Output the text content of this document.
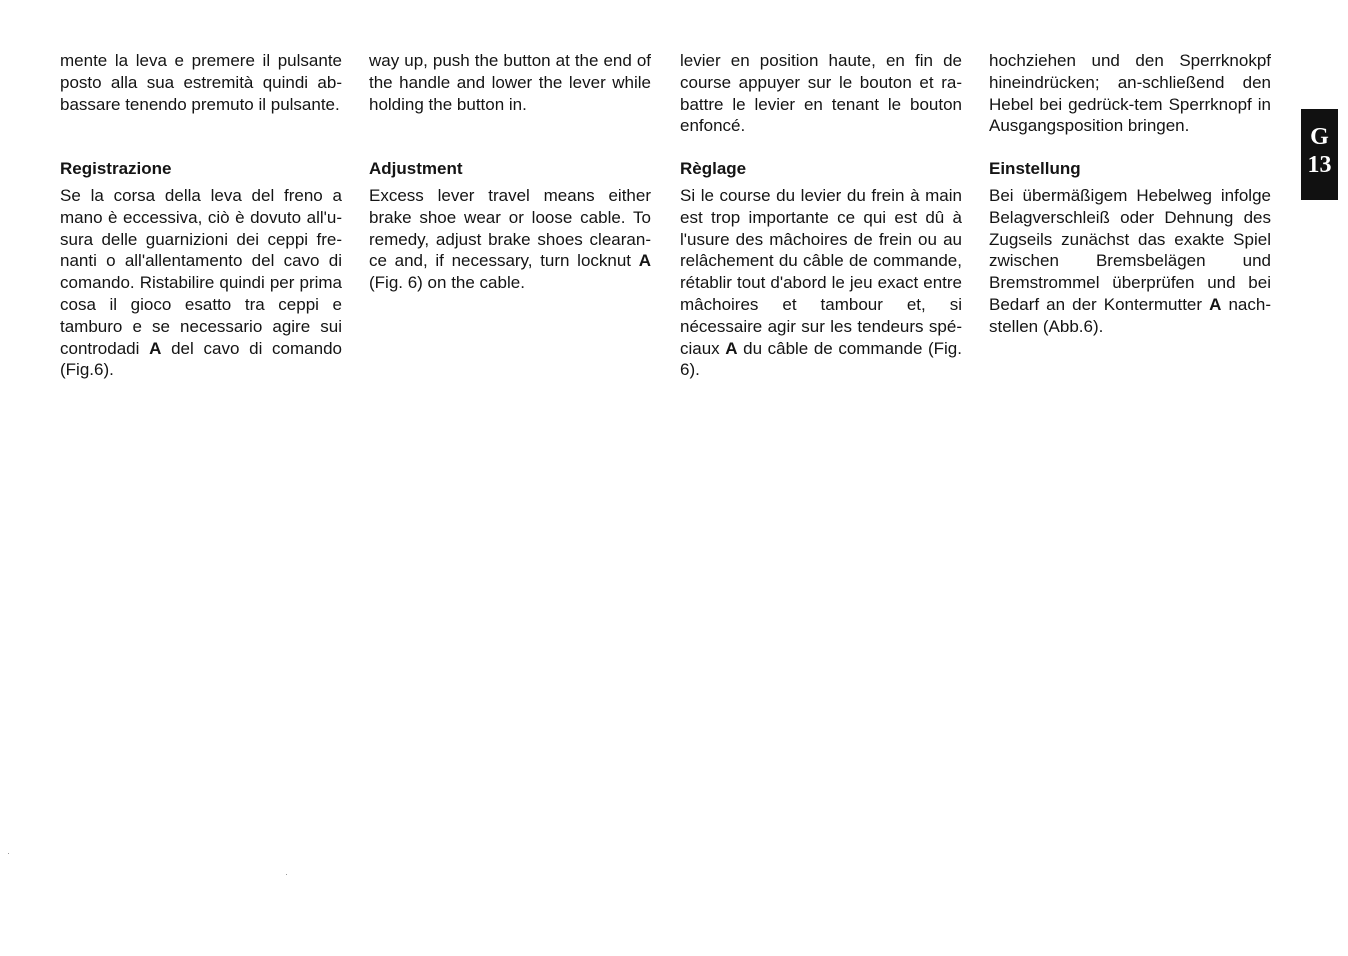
mente la leva e premere il pulsante posto alla sua estremità quindi abbassare tenendo premuto il pulsante.

Registrazione

Se la corsa della leva del freno a mano è eccessiva, ciò è dovuto all'usura delle guarnizioni dei ceppi frenanti o all'allentamento del cavo di comando. Ristabilire quindi per prima cosa il gioco esatto tra ceppi e tamburo e se necessario agire sui controdadi A del cavo di comando (Fig.6).

way up, push the button at the end of the handle and lower the lever while holding the button in.

Adjustment

Excess lever travel means either brake shoe wear or loose cable. To remedy, adjust brake shoes clearance and, if necessary, turn locknut A (Fig. 6) on the cable.

levier en position haute, en fin de course appuyer sur le bouton et rabattre le levier en tenant le bouton enfoncé.

Règlage

Si le course du levier du frein à main est trop importante ce qui est dû à l'usure des mâchoires de frein ou au relâchement du câble de commande, rétablir tout d'abord le jeu exact entre mâchoires et tambour et, si nécessaire agir sur les tendeurs spéciaux A du câble de commande (Fig. 6).

hochziehen und den Sperrknokpf hineindrücken; an-schließend den Hebel bei gedrück-tem Sperrknopf in Ausgangsposition bringen.

Einstellung

Bei übermäßigem Hebelweg infolge Belagverschleiß oder Dehnung des Zugseils zunächst das exakte Spiel zwischen Bremsbelägen und Bremstrommel überprüfen und bei Bedarf an der Kontermutter A nachstellen (Abb.6).

G
13
